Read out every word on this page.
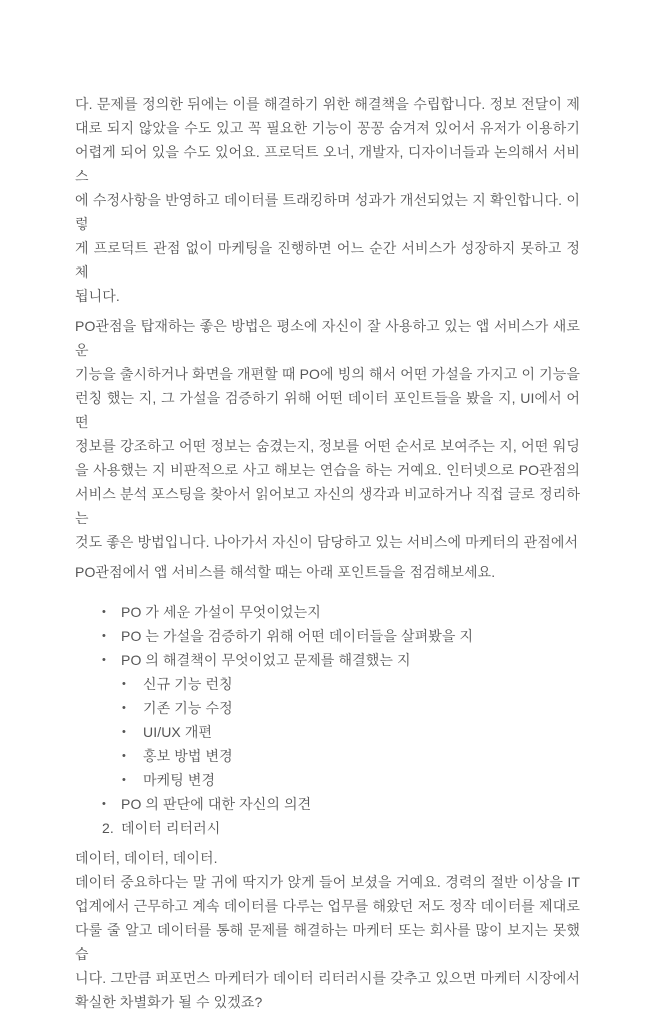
다. 문제를 정의한 뒤에는 이를 해결하기 위한 해결책을 수립합니다. 정보 전달이 제
대로 되지 않았을 수도 있고 꼭 필요한 기능이 꽁꽁 숨겨져 있어서 유저가 이용하기
어렵게 되어 있을 수도 있어요. 프로덕트 오너, 개발자, 디자이너들과 논의해서 서비스
에 수정사항을 반영하고 데이터를 트래킹하며 성과가 개선되었는 지 확인합니다. 이렇
게 프로덕트 관점 없이 마케팅을 진행하면 어느 순간 서비스가 성장하지 못하고 정체
됩니다.
PO관점을 탑재하는 좋은 방법은 평소에 자신이 잘 사용하고 있는 앱 서비스가 새로운
기능을 출시하거나 화면을 개편할 때 PO에 빙의 해서 어떤 가설을 가지고 이 기능을
런칭 했는 지, 그 가설을 검증하기 위해 어떤 데이터 포인트들을 봤을 지, UI에서 어떤
정보를 강조하고 어떤 정보는 숨겼는지, 정보를 어떤 순서로 보여주는 지, 어떤 워딩
을 사용했는 지 비판적으로 사고 해보는 연습을 하는 거예요. 인터넷으로 PO관점의
서비스 분석 포스팅을 찾아서 읽어보고 자신의 생각과 비교하거나 직접 글로 정리하는
것도 좋은 방법입니다. 나아가서 자신이 담당하고 있는 서비스에 마케터의 관점에서
PO관점에서 앱 서비스를 해석할 때는 아래 포인트들을 점검해보세요.
• PO 가 세운 가설이 무엇이었는지
• PO 는 가설을 검증하기 위해 어떤 데이터들을 살펴봤을 지
• PO 의 해결책이 무엇이었고 문제를 해결했는 지
• 신규 기능 런칭
• 기존 기능 수정
• UI/UX 개편
• 홍보 방법 변경
• 마케팅 변경
• PO 의 판단에 대한 자신의 의견
2. 데이터 리터러시
데이터, 데이터, 데이터.
데이터 중요하다는 말 귀에 딱지가 앉게 들어 보셨을 거예요. 경력의 절반 이상을 IT
업계에서 근무하고 계속 데이터를 다루는 업무를 해왔던 저도 정작 데이터를 제대로
다룰 줄 알고 데이터를 통해 문제를 해결하는 마케터 또는 회사를 많이 보지는 못했습
니다. 그만큼 퍼포먼스 마케터가 데이터 리터러시를 갖추고 있으면 마케터 시장에서
확실한 차별화가 될 수 있겠죠?
